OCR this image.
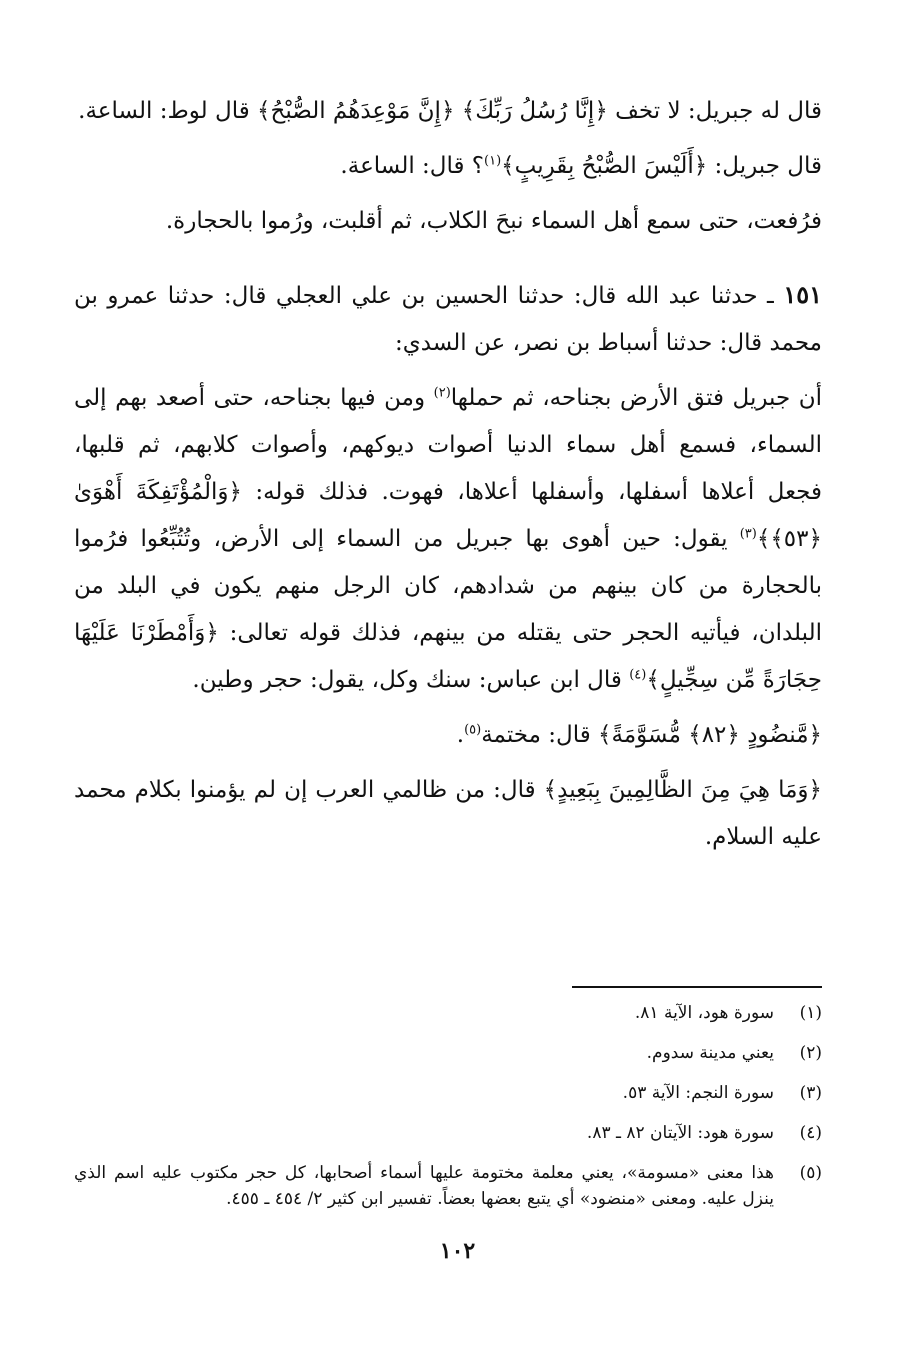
قال له جبريل: لا تخف ﴿إِنَّا رُسُلُ رَبِّكَ﴾ ﴿إِنَّ مَوْعِدَهُمُ الصُّبْحُ﴾ قال لوط: الساعة.

قال جبريل: ﴿أَلَيْسَ الصُّبْحُ بِقَرِيبٍ﴾$^{(١)}$؟ قال: الساعة.

فرُفعت، حتى سمع أهل السماء نبحَ الكلاب، ثم أقلبت، ورُموا بالحجارة.

١٥١ ـ حدثنا عبد الله قال: حدثنا الحسين بن علي العجلي قال: حدثنا عمرو بن محمد قال: حدثنا أسباط بن نصر، عن السدي:

أن جبريل فتق الأرض بجناحه، ثم حملها$^{(٢)}$ ومن فيها بجناحه، حتى أصعد بهم إلى السماء، فسمع أهل سماء الدنيا أصوات ديوكهم، وأصوات كلابهم، ثم قلبها، فجعل أعلاها أسفلها، وأسفلها أعلاها، فهوت. فذلك قوله: ﴿وَالْمُؤْتَفِكَةَ أَهْوَىٰ ﴿٥٣﴾﴾$^{(٣)}$ يقول: حين أهوى بها جبريل من السماء إلى الأرض، وتُتُبِّعُوا فرُموا بالحجارة من كان بينهم من شدادهم، كان الرجل منهم يكون في البلد من البلدان، فيأتيه الحجر حتى يقتله من بينهم، فذلك قوله تعالى: ﴿وَأَمْطَرْنَا عَلَيْهَا حِجَارَةً مِّن سِجِّيلٍ﴾$^{(٤)}$ قال ابن عباس: سنك وكل، يقول: حجر وطين.

﴿مَّنضُودٍ ﴿٨٢﴾ مُّسَوَّمَةً﴾ قال: مختمة$^{(٥)}$.

﴿وَمَا هِيَ مِنَ الظَّالِمِينَ بِبَعِيدٍ﴾ قال: من ظالمي العرب إن لم يؤمنوا بكلام محمد عليه السلام.

(١)
سورة هود، الآية ٨١.
(٢)
يعني مدينة سدوم.
(٣)
سورة النجم: الآية ٥٣.
(٤)
سورة هود: الآيتان ٨٢ ـ ٨٣.
(٥)
هذا معنى «مسومة»، يعني معلمة مختومة عليها أسماء أصحابها، كل حجر مكتوب عليه اسم الذي ينزل عليه. ومعنى «منضود» أي يتبع بعضها بعضاً. تفسير ابن كثير ٢/ ٤٥٤ ـ ٤٥٥.
١٠٢
